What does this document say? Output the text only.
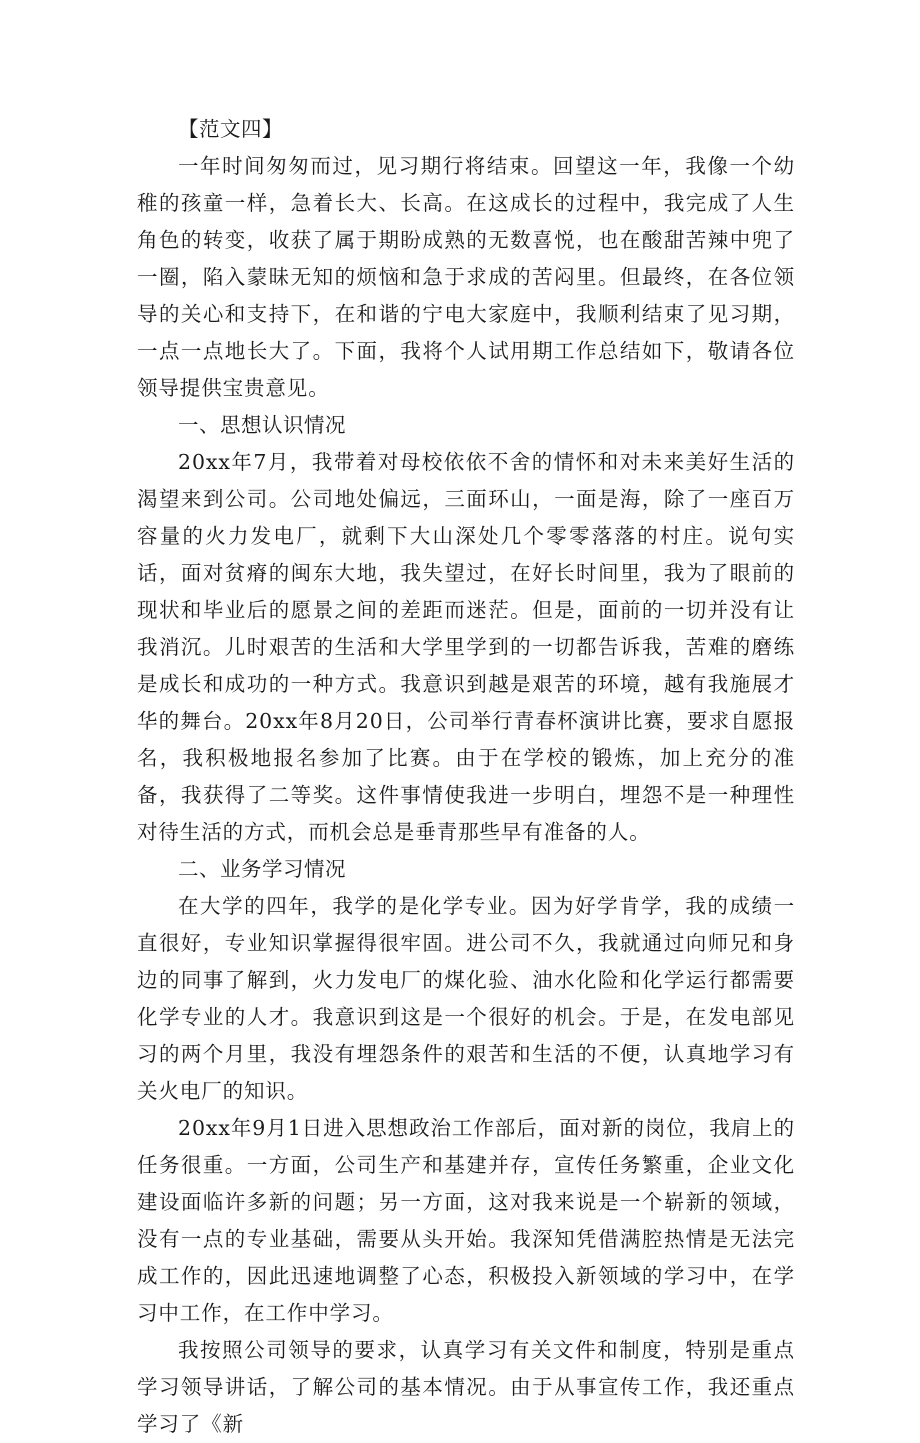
【范文四】

一年时间匆匆而过，见习期行将结束。回望这一年，我像一个幼稚的孩童一样，急着长大、长高。在这成长的过程中，我完成了人生角色的转变，收获了属于期盼成熟的无数喜悦，也在酸甜苦辣中兜了一圈，陷入蒙昧无知的烦恼和急于求成的苦闷里。但最终，在各位领导的关心和支持下，在和谐的宁电大家庭中，我顺利结束了见习期，一点一点地长大了。下面，我将个人试用期工作总结如下，敬请各位领导提供宝贵意见。

一、思想认识情况

20xx年7月，我带着对母校依依不舍的情怀和对未来美好生活的渴望来到公司。公司地处偏远，三面环山，一面是海，除了一座百万容量的火力发电厂，就剩下大山深处几个零零落落的村庄。说句实话，面对贫瘠的闽东大地，我失望过，在好长时间里，我为了眼前的现状和毕业后的愿景之间的差距而迷茫。但是，面前的一切并没有让我消沉。儿时艰苦的生活和大学里学到的一切都告诉我，苦难的磨练是成长和成功的一种方式。我意识到越是艰苦的环境，越有我施展才华的舞台。20xx年8月20日，公司举行青春杯演讲比赛，要求自愿报名，我积极地报名参加了比赛。由于在学校的锻炼，加上充分的准备，我获得了二等奖。这件事情使我进一步明白，埋怨不是一种理性对待生活的方式，而机会总是垂青那些早有准备的人。

二、业务学习情况

在大学的四年，我学的是化学专业。因为好学肯学，我的成绩一直很好，专业知识掌握得很牢固。进公司不久，我就通过向师兄和身边的同事了解到，火力发电厂的煤化验、油水化险和化学运行都需要化学专业的人才。我意识到这是一个很好的机会。于是，在发电部见习的两个月里，我没有埋怨条件的艰苦和生活的不便，认真地学习有关火电厂的知识。

20xx年9月1日进入思想政治工作部后，面对新的岗位，我肩上的任务很重。一方面，公司生产和基建并存，宣传任务繁重，企业文化建设面临许多新的问题；另一方面，这对我来说是一个崭新的领域，没有一点的专业基础，需要从头开始。我深知凭借满腔热情是无法完成工作的，因此迅速地调整了心态，积极投入新领域的学习中，在学习中工作，在工作中学习。

我按照公司领导的要求，认真学习有关文件和制度，特别是重点学习领导讲话，了解公司的基本情况。由于从事宣传工作，我还重点学习了《新
